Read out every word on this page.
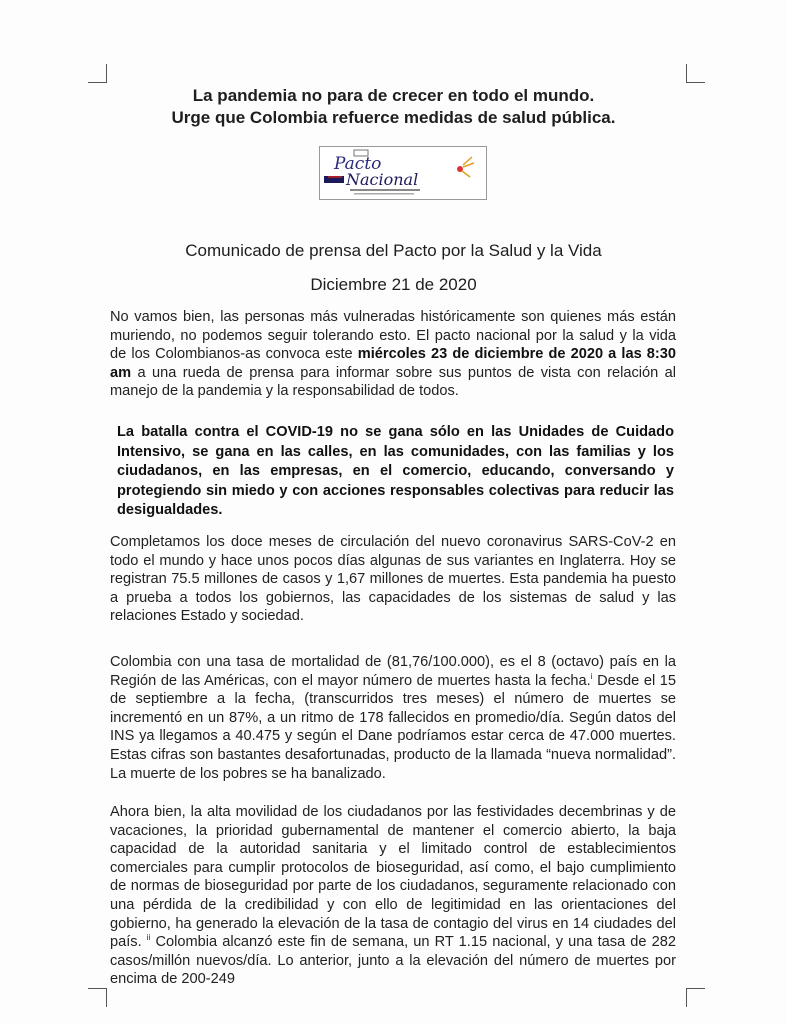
La pandemia no para de crecer en todo el mundo.

Urge que Colombia refuerce medidas de salud pública.

Pacto
Nacional

Comunicado de prensa del Pacto por la Salud y la Vida

Diciembre 21 de 2020

No vamos bien, las personas más vulneradas históricamente son quienes más están muriendo, no podemos seguir tolerando esto. El pacto nacional por la salud y la vida de los Colombianos-as convoca este miércoles 23 de diciembre de 2020 a las 8:30 am a una rueda de prensa para informar sobre sus puntos de vista con relación al manejo de la pandemia y la responsabilidad de todos.

La batalla contra el COVID-19 no se gana sólo en las Unidades de Cuidado Intensivo, se gana en las calles, en las comunidades, con las familias y los ciudadanos, en las empresas, en el comercio, educando, conversando y protegiendo sin miedo y con acciones responsables colectivas para reducir las desigualdades.

Completamos los doce meses de circulación del nuevo coronavirus SARS-CoV-2 en todo el mundo y hace unos pocos días algunas de sus variantes en Inglaterra. Hoy se registran 75.5 millones de casos y 1,67 millones de muertes. Esta pandemia ha puesto a prueba a todos los gobiernos, las capacidades de los sistemas de salud y las relaciones Estado y sociedad.

Colombia con una tasa de mortalidad de (81,76/100.000), es el 8 (octavo) país en la Región de las Américas, con el mayor número de muertes hasta la fecha.$^i$ Desde el 15 de septiembre a la fecha, (transcurridos tres meses) el número de muertes se incrementó en un 87%, a un ritmo de 178 fallecidos en promedio/día. Según datos del INS ya llegamos a 40.475 y según el Dane podríamos estar cerca de 47.000 muertes. Estas cifras son bastantes desafortunadas, producto de la llamada “nueva normalidad”. La muerte de los pobres se ha banalizado.

Ahora bien, la alta movilidad de los ciudadanos por las festividades decembrinas y de vacaciones, la prioridad gubernamental de mantener el comercio abierto, la baja capacidad de la autoridad sanitaria y el limitado control de establecimientos comerciales para cumplir protocolos de bioseguridad, así como, el bajo cumplimiento de normas de bioseguridad por parte de los ciudadanos, seguramente relacionado con una pérdida de la credibilidad y con ello de legitimidad en las orientaciones del gobierno, ha generado la elevación de la tasa de contagio del virus en 14 ciudades del país. $^{ii}$ Colombia alcanzó este fin de semana, un RT 1.15 nacional, y una tasa de 282 casos/millón nuevos/día. Lo anterior, junto a la elevación del número de muertes por encima de 200-249
